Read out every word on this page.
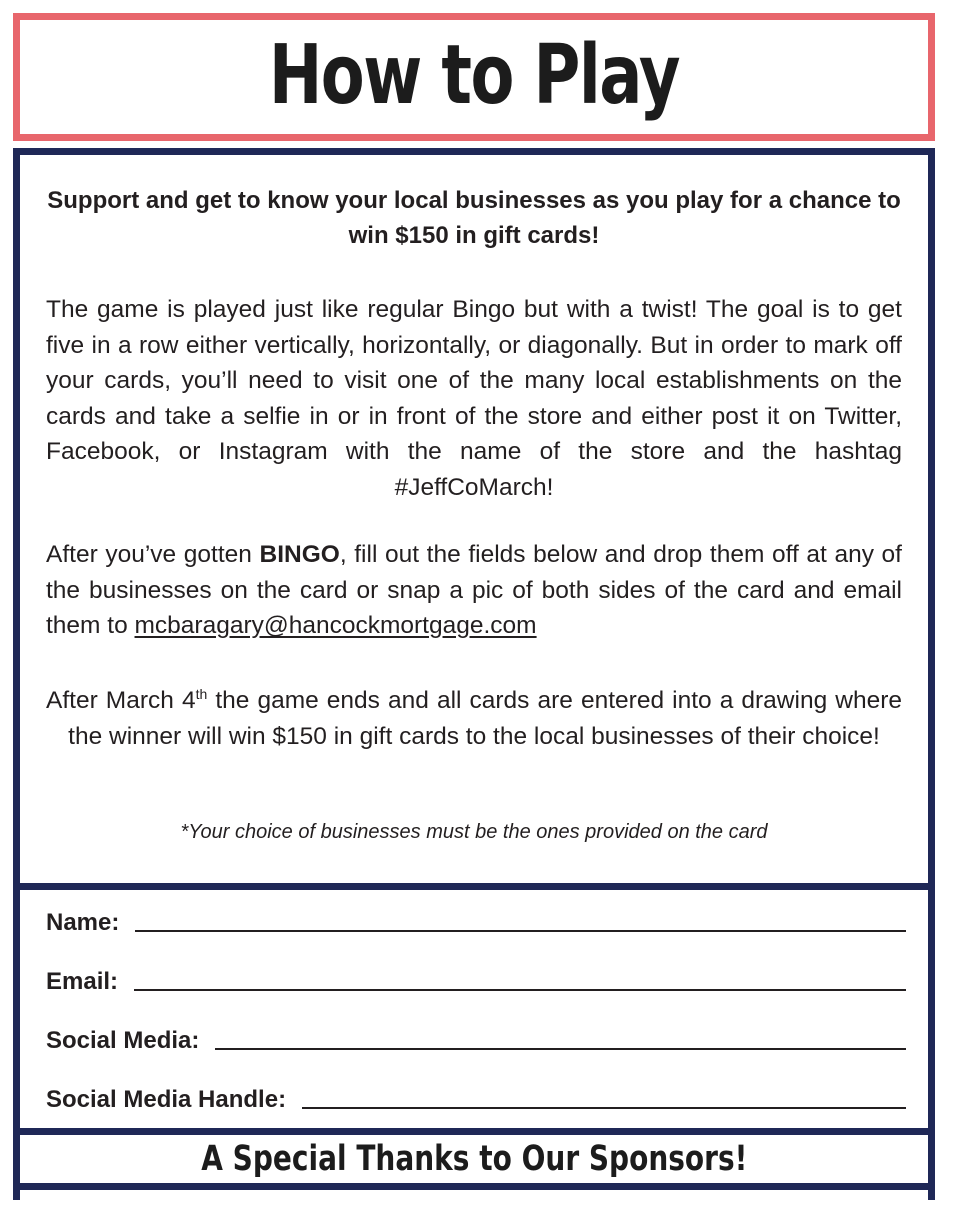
How to Play
Support and get to know your local businesses as you play for a chance to win $150 in gift cards!
The game is played just like regular Bingo but with a twist! The goal is to get five in a row either vertically, horizontally, or diagonally. But in order to mark off your cards, you’ll need to visit one of the many local establishments on the cards and take a selfie in or in front of the store and either post it on Twitter, Facebook, or Instagram with the name of the store and the hashtag #JeffCoMarch!
After you’ve gotten BINGO, fill out the fields below and drop them off at any of the businesses on the card or snap a pic of both sides of the card and email them to mcbaragary@hancockmortgage.com
After March 4th the game ends and all cards are entered into a drawing where the winner will win $150 in gift cards to the local businesses of their choice!
*Your choice of businesses must be the ones provided on the card
Name:
Email:
Social Media:
Social Media Handle:
A Special Thanks to Our Sponsors!
